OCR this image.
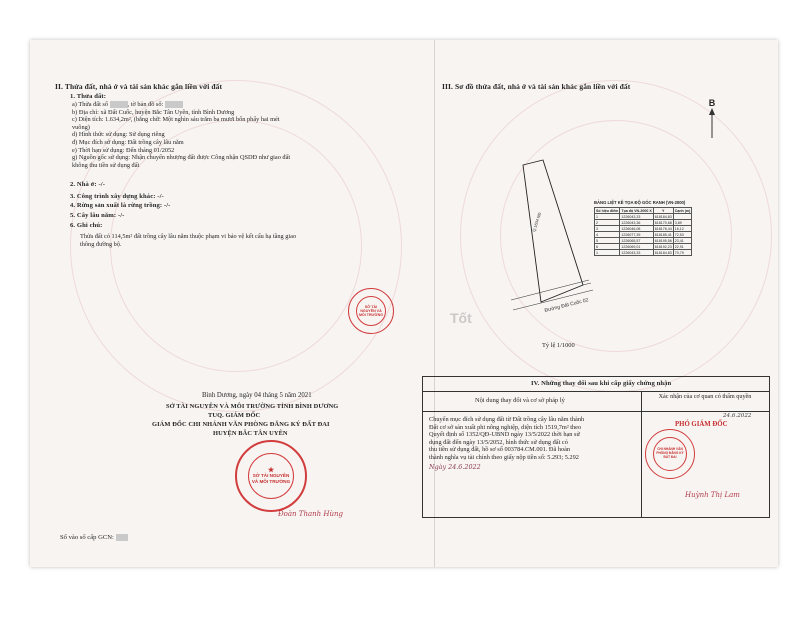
II. Thửa đất, nhà ở và tài sản khác gắn liền với đất
1. Thửa đất:
a) Thửa đất số	, tờ bản đồ số:
b) Địa chỉ: xã Đất Cuốc, huyện Bắc Tân Uyên, tỉnh Bình Dương
c) Diện tích: 1.634,2m², (bằng chữ: Một nghìn sáu trăm ba mươi bốn phẩy hai mét
vuông)
d) Hình thức sử dụng: Sử dụng riêng
đ) Mục đích sử dụng: Đất trồng cây lâu năm
e) Thời hạn sử dụng: Đến tháng 01/2052
g) Nguồn gốc sử dụng: Nhận chuyển nhượng đất được Công nhận QSDĐ như giao đất
không thu tiền sử dụng đất
2. Nhà ở: -/-
3. Công trình xây dựng khác: -/-
4. Rừng sản xuất là rừng trồng: -/-
5. Cây lâu năm: -/-
6. Ghi chú:
Thửa đất có 114,5m² đất trồng cây lâu năm thuộc phạm vi bảo vệ kết cấu hạ tầng giao
thông đường bộ.
Bình Dương, ngày 04 tháng 5 năm 2021
SỞ TÀI NGUYÊN VÀ MÔI TRƯỜNG TỈNH BÌNH DƯƠNG
TUQ. GIÁM ĐỐC
GIÁM ĐỐC CHI NHÁNH VĂN PHÒNG ĐĂNG KÝ ĐẤT ĐAI
HUYỆN BẮC TÂN UYÊN
★
SỞ TÀI NGUYÊN VÀ MÔI TRƯỜNG
Đoàn Thanh Hùng
Số vào sổ cấp GCN:
III. Sơ đồ thửa đất, nhà ở và tài sản khác gắn liền với đất
B
Q.1634 NĐ
Đường Đất Cuốc 02
SỞ TÀI NGUYÊN VÀ MÔI TRƯỜNG	Tốt
Tỷ lệ 1/1000
BẢNG LIỆT KÊ TỌA ĐỘ GÓC RANH (VN-2000)
Số hiệu điểm	Tọa độ VN-2000 X	Y	Cạnh (m)
1	1226043,33	618184,83	
2	1226043,36	618170,68	3,89
3	1226046,08	618176,44	16,12
4	1226077,39	618185,41	72,53
5	1226065,57	618195,56	23,41
6	1226069,01	618192,23	22,91
1	1226043,33	618184,83	70,79
IV. Những thay đổi sau khi cấp giấy chứng nhận
Nội dung thay đổi và cơ sở pháp lý
Xác nhận của cơ quan có thẩm quyền
Chuyển mục đích sử dụng đất từ Đất trồng cây lâu năm thành
Đất cơ sở sản xuất phi nông nghiệp, diện tích 1519,7m² theo
Quyết định số 1352/QĐ-UBND ngày 13/5/2022 thời hạn sử
dụng đất đến ngày 13/5/2052, hình thức sử dụng đất có
thu tiền sử dụng đất, hồ sơ số 003784.CM.001. Đã hoàn
thành nghĩa vụ tài chính theo giấy nộp tiền số: 5.293; 5.292
Ngày 24.6.2022
24.6.2022
PHÓ GIÁM ĐỐC
CHI NHÁNH VĂN PHÒNG ĐĂNG KÝ ĐẤT ĐAI
Huỳnh Thị Lam
